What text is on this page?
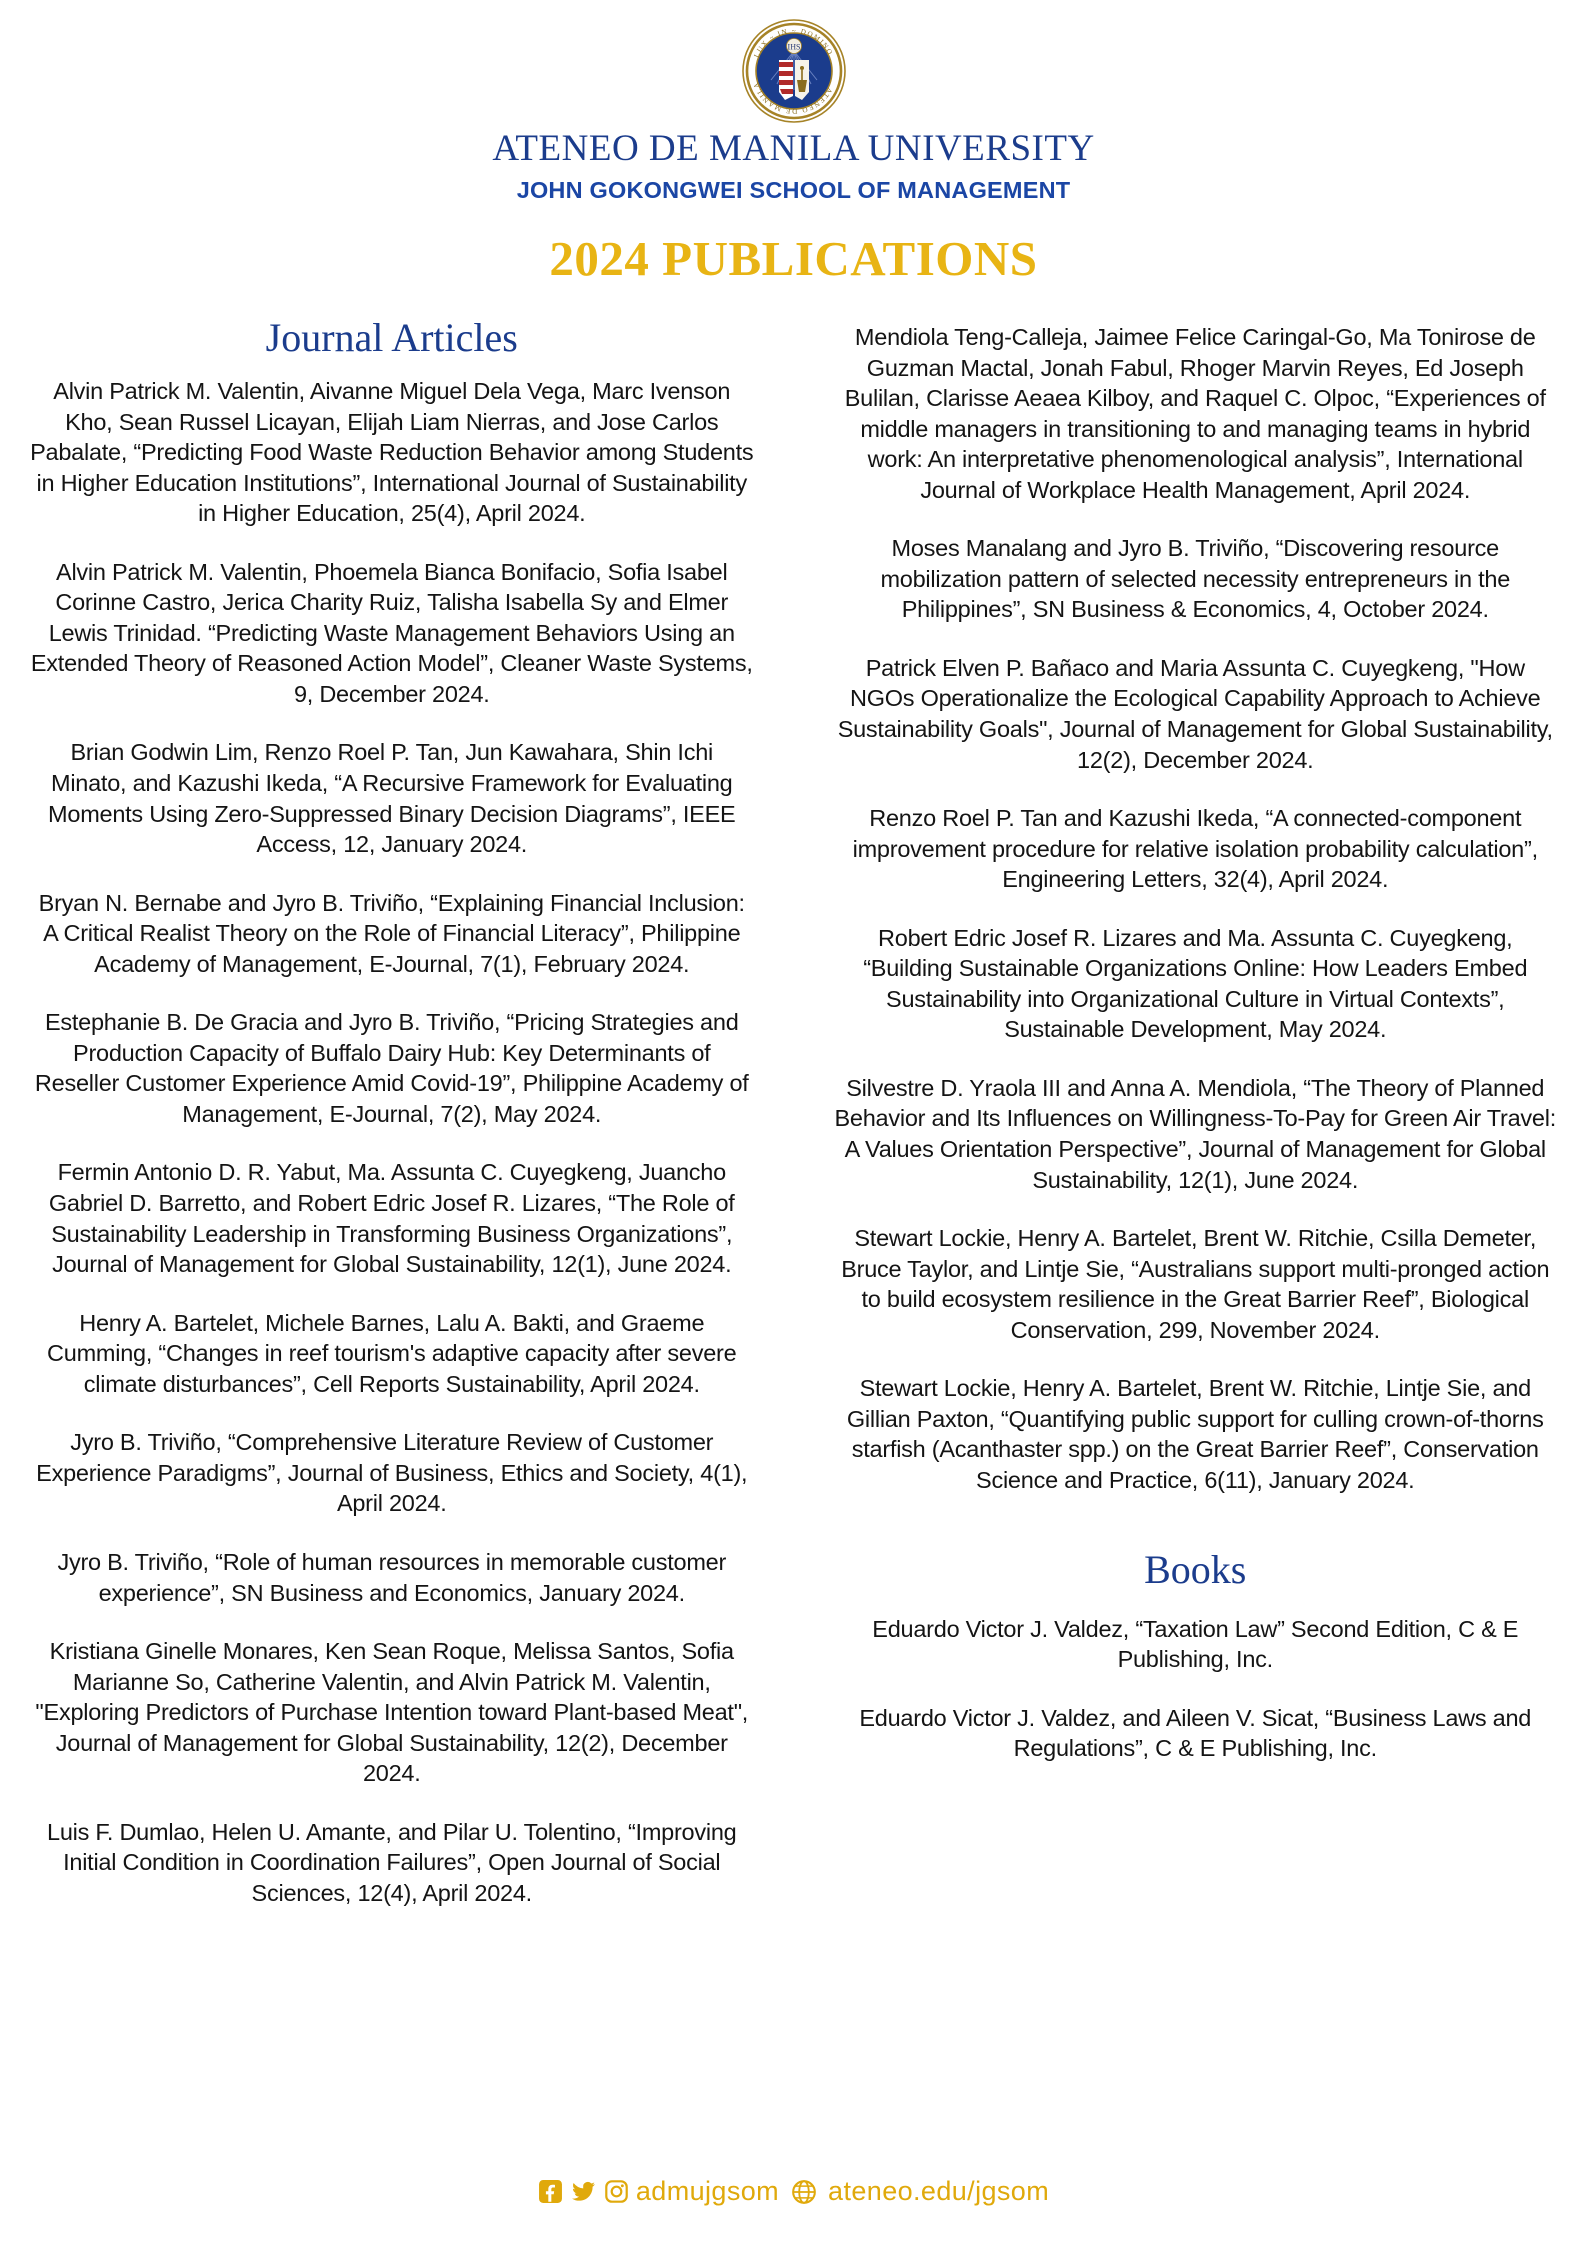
IHS
LUX ~ IN ~ DOMINO
ATENEO DE MANILA
ATENEO DE MANILA UNIVERSITY
JOHN GOKONGWEI SCHOOL OF MANAGEMENT
2024 PUBLICATIONS
Journal Articles

Alvin Patrick M. Valentin, Aivanne Miguel Dela Vega, Marc Ivenson Kho, Sean Russel Licayan, Elijah Liam Nierras, and Jose Carlos Pabalate, “Predicting Food Waste Reduction Behavior among Students in Higher Education Institutions”, International Journal of Sustainability in Higher Education, 25(4), April 2024.

Alvin Patrick M. Valentin, Phoemela Bianca Bonifacio, Sofia Isabel Corinne Castro, Jerica Charity Ruiz, Talisha Isabella Sy and Elmer Lewis Trinidad. “Predicting Waste Management Behaviors Using an Extended Theory of Reasoned Action Model”, Cleaner Waste Systems, 9, December 2024.

Brian Godwin Lim, Renzo Roel P. Tan, Jun Kawahara, Shin Ichi Minato, and Kazushi Ikeda, “A Recursive Framework for Evaluating Moments Using Zero-Suppressed Binary Decision Diagrams”, IEEE Access, 12, January 2024.

Bryan N. Bernabe and Jyro B. Triviño, “Explaining Financial Inclusion: A Critical Realist Theory on the Role of Financial Literacy”, Philippine Academy of Management, E-Journal, 7(1), February 2024.

Estephanie B. De Gracia and Jyro B. Triviño, “Pricing Strategies and Production Capacity of Buffalo Dairy Hub: Key Determinants of Reseller Customer Experience Amid Covid-19”, Philippine Academy of Management, E-Journal, 7(2), May 2024.

Fermin Antonio D. R. Yabut, Ma. Assunta C. Cuyegkeng, Juancho Gabriel D. Barretto, and Robert Edric Josef R. Lizares, “The Role of Sustainability Leadership in Transforming Business Organizations”, Journal of Management for Global Sustainability, 12(1), June 2024.

Henry A. Bartelet, Michele Barnes, Lalu A. Bakti, and Graeme Cumming, “Changes in reef tourism's adaptive capacity after severe climate disturbances”, Cell Reports Sustainability, April 2024.

Jyro B. Triviño, “Comprehensive Literature Review of Customer Experience Paradigms”, Journal of Business, Ethics and Society, 4(1), April 2024.

Jyro B. Triviño, “Role of human resources in memorable customer experience”, SN Business and Economics, January 2024.

Kristiana Ginelle Monares, Ken Sean Roque, Melissa Santos, Sofia Marianne So, Catherine Valentin, and Alvin Patrick M. Valentin, "Exploring Predictors of Purchase Intention toward Plant-based Meat", Journal of Management for Global Sustainability, 12(2), December 2024.

Luis F. Dumlao, Helen U. Amante, and Pilar U. Tolentino, “Improving Initial Condition in Coordination Failures”, Open Journal of Social Sciences, 12(4), April 2024.

Mendiola Teng-Calleja, Jaimee Felice Caringal-Go, Ma Tonirose de Guzman Mactal, Jonah Fabul, Rhoger Marvin Reyes, Ed Joseph Bulilan, Clarisse Aeaea Kilboy, and Raquel C. Olpoc, “Experiences of middle managers in transitioning to and managing teams in hybrid work: An interpretative phenomenological analysis”, International Journal of Workplace Health Management, April 2024.

Moses Manalang and Jyro B. Triviño, “Discovering resource mobilization pattern of selected necessity entrepreneurs in the Philippines”, SN Business & Economics, 4, October 2024.

Patrick Elven P. Bañaco and Maria Assunta C. Cuyegkeng, "How NGOs Operationalize the Ecological Capability Approach to Achieve Sustainability Goals", Journal of Management for Global Sustainability, 12(2), December 2024.

Renzo Roel P. Tan and Kazushi Ikeda, “A connected-component improvement procedure for relative isolation probability calculation”, Engineering Letters, 32(4), April 2024.

Robert Edric Josef R. Lizares and Ma. Assunta C. Cuyegkeng, “Building Sustainable Organizations Online: How Leaders Embed Sustainability into Organizational Culture in Virtual Contexts”, Sustainable Development, May 2024.

Silvestre D. Yraola III and Anna A. Mendiola, “The Theory of Planned Behavior and Its Influences on Willingness-To-Pay for Green Air Travel: A Values Orientation Perspective”, Journal of Management for Global Sustainability, 12(1), June 2024.

Stewart Lockie, Henry A. Bartelet, Brent W. Ritchie, Csilla Demeter, Bruce Taylor, and Lintje Sie, “Australians support multi-pronged action to build ecosystem resilience in the Great Barrier Reef”, Biological Conservation, 299, November 2024.

Stewart Lockie, Henry A. Bartelet, Brent W. Ritchie, Lintje Sie, and Gillian Paxton, “Quantifying public support for culling crown-of-thorns starfish (Acanthaster spp.) on the Great Barrier Reef”, Conservation Science and Practice, 6(11), January 2024.

Books

Eduardo Victor J. Valdez, “Taxation Law” Second Edition, C & E Publishing, Inc.

Eduardo Victor J. Valdez, and Aileen V. Sicat, “Business Laws and Regulations”, C & E Publishing, Inc.

admujgsom ateneo.edu/jgsom
